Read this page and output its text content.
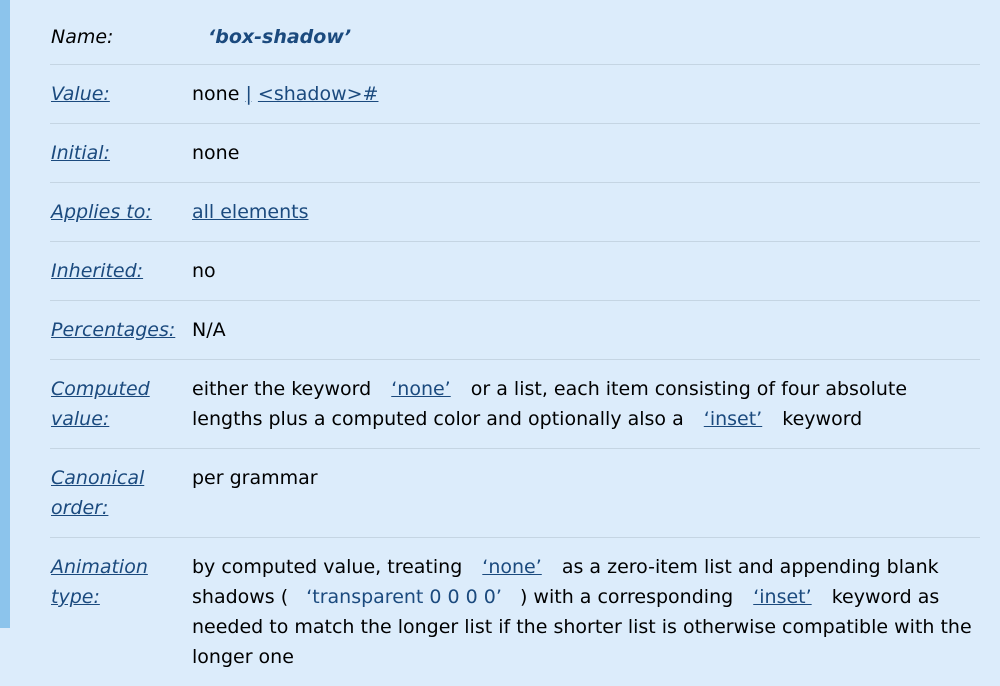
Name:	‘box-shadow’
Value:	none | <shadow>#
Initial:	none
Applies to:	all elements
Inherited:	no
Percentages:	N/A
Computed value:	either the keyword ‘none’ or a list, each item consisting of four absolute lengths plus a computed color and optionally also a ‘inset’ keyword
Canonical order:	per grammar
Animation type:	by computed value, treating ‘none’ as a zero-item list and appending blank shadows ( ‘transparent 0 0 0 0’ ) with a corresponding ‘inset’ keyword as needed to match the longer list if the shorter list is otherwise compatible with the longer one
